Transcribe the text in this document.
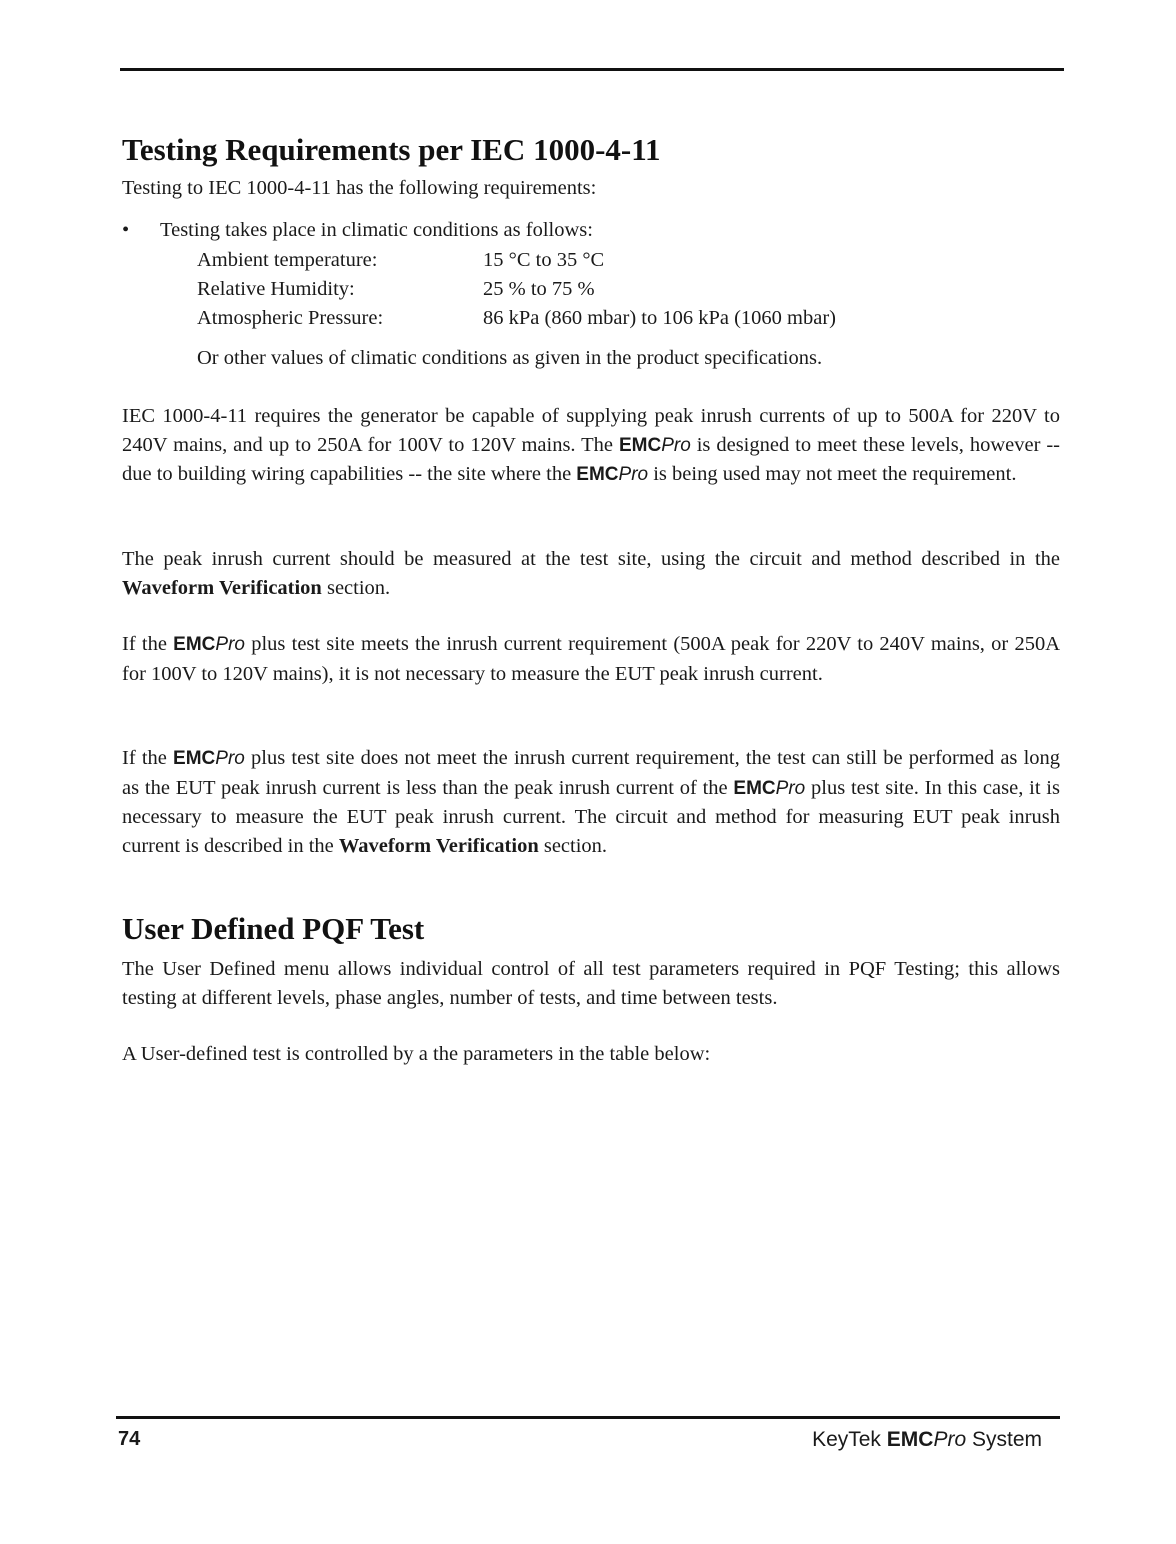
Testing Requirements per IEC 1000-4-11

Testing to IEC 1000-4-11 has the following requirements:

•	Testing takes place in climatic conditions as follows:
Ambient temperature:	15 °C to 35 °C
Relative Humidity:	25 % to 75 %
Atmospheric Pressure:	86 kPa (860 mbar) to 106 kPa (1060 mbar)
Or other values of climatic conditions as given in the product specifications.

IEC 1000-4-11 requires the generator be capable of supplying peak inrush currents of up to 500A for 220V to 240V mains, and up to 250A for 100V to 120V mains. The EMCPro is designed to meet these levels, however -- due to building wiring capabilities -- the site where the EMCPro is being used may not meet the requirement.

The peak inrush current should be measured at the test site, using the circuit and method described in the Waveform Verification section.

If the EMCPro plus test site meets the inrush current requirement (500A peak for 220V to 240V mains, or 250A for 100V to 120V mains), it is not necessary to measure the EUT peak inrush current.

If the EMCPro plus test site does not meet the inrush current requirement, the test can still be performed as long as the EUT peak inrush current is less than the peak inrush current of the EMCPro plus test site. In this case, it is necessary to measure the EUT peak inrush current. The circuit and method for measuring EUT peak inrush current is described in the Waveform Verification section.

User Defined PQF Test

The User Defined menu allows individual control of all test parameters required in PQF Testing; this allows testing at different levels, phase angles, number of tests, and time between tests.

A User-defined test is controlled by a the parameters in the table below:

74	KeyTek EMCPro System
